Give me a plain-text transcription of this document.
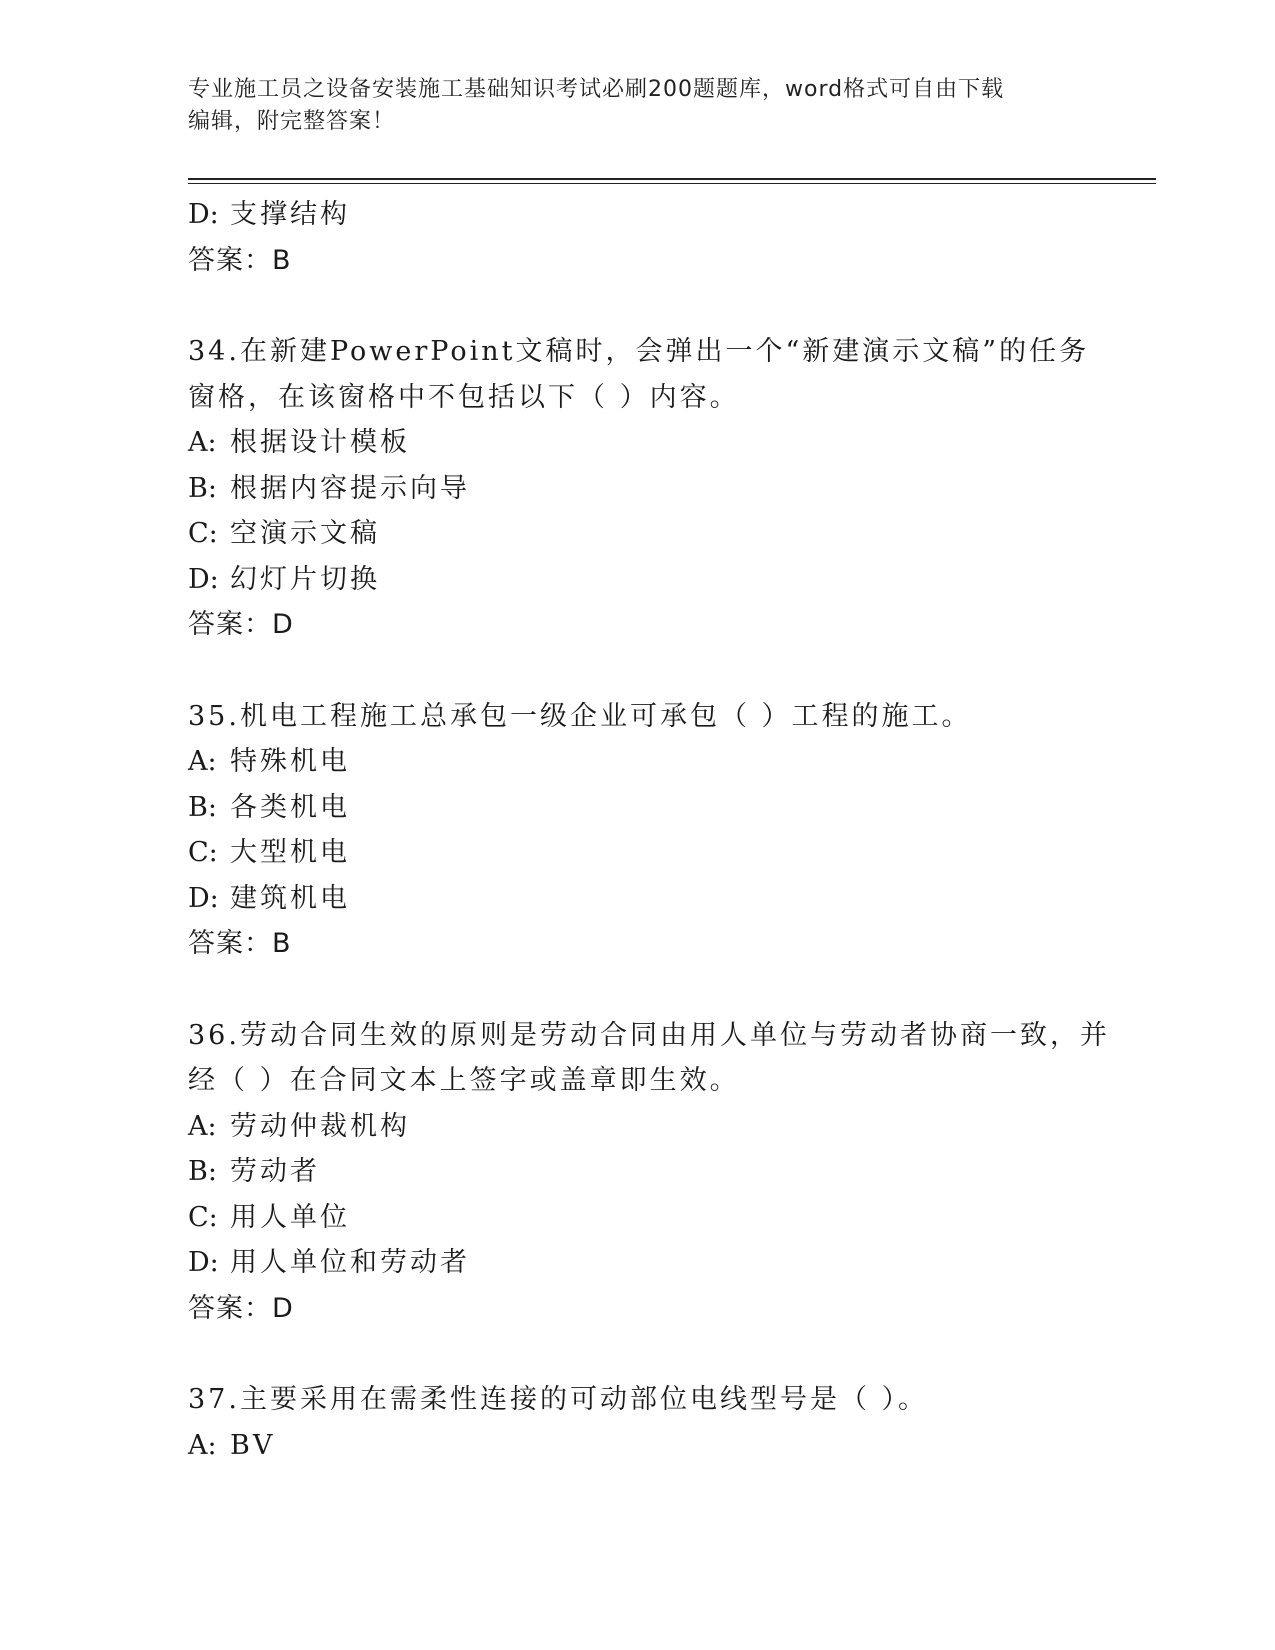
专业施工员之设备安装施工基础知识考试必刷200题题库，word格式可自由下载
编辑，附完整答案！
D: 支撑结构
答案：B
34.在新建PowerPoint文稿时，会弹出一个“新建演示文稿”的任务
窗格，在该窗格中不包括以下（ ）内容。
A: 根据设计模板
B: 根据内容提示向导
C: 空演示文稿
D: 幻灯片切换
答案：D
35.机电工程施工总承包一级企业可承包（ ）工程的施工。
A: 特殊机电
B: 各类机电
C: 大型机电
D: 建筑机电
答案：B
36.劳动合同生效的原则是劳动合同由用人单位与劳动者协商一致，并
经（ ）在合同文本上签字或盖章即生效。
A: 劳动仲裁机构
B: 劳动者
C: 用人单位
D: 用人单位和劳动者
答案：D
37.主要采用在需柔性连接的可动部位电线型号是（ ）。
A: BV
